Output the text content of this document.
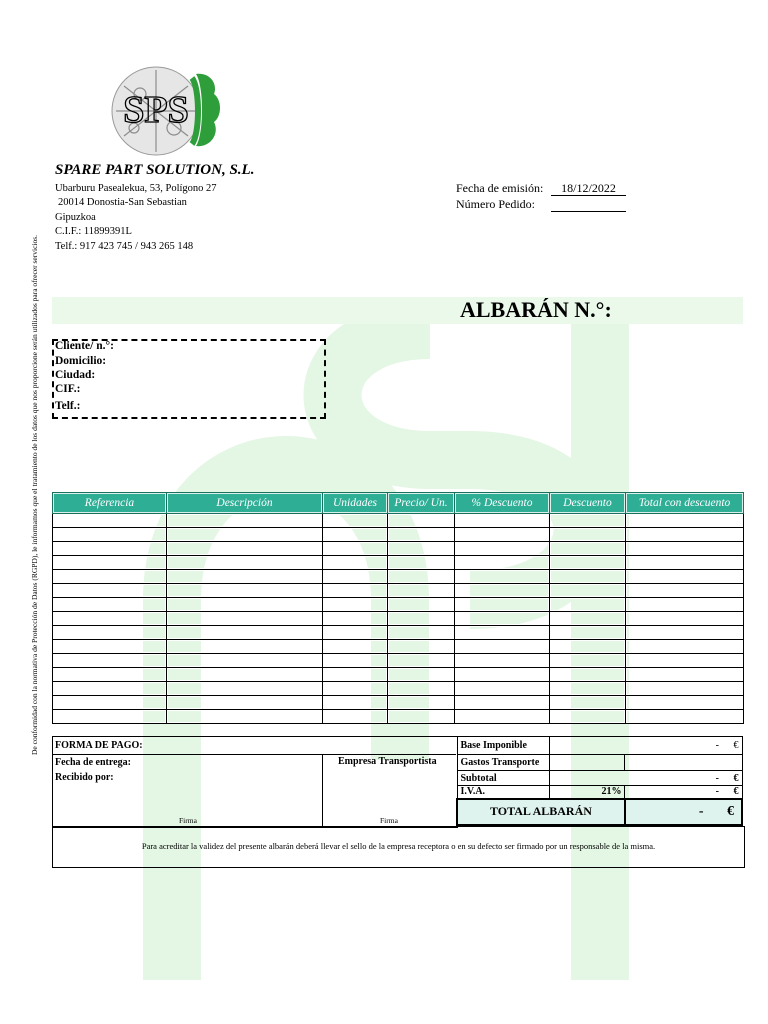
SPS
SPARE PART SOLUTION, S.L.
Ubarburu Pasealekua, 53, Polígono 27
20014 Donostia-San Sebastian
Gipuzkoa
C.I.F.: 11899391L
Telf.: 917 423 745 / 943 265 148
De conformidad con la normativa de Protección de Datos (RGPD), le informamos que el tratamiento de los datos que nos proporcione serán utilizados para ofrecer servicios.
Fecha de emisión:	18/12/2022
Número Pedido:
ALBARÁN N.°:
Cliente/ n.°:
Domicilio:
Ciudad:
CIF.:
Telf.:
Referencia	Descripción	Unidades	Precio/ Un.	% Descuento	Descuento	Total con descuento

FORMA DE PAGO:
Fecha de entrega:
Recibido por:
Empresa Transportista
Firma	Firma
Base Imponible	- €	
Gastos Transporte		
Subtotal	- €	
I.V.A.	21%	- €
TOTAL ALBARÁN		- €
Para acreditar la validez del presente albarán deberá llevar el sello de la empresa receptora o en su defecto ser firmado por un responsable de la misma.
